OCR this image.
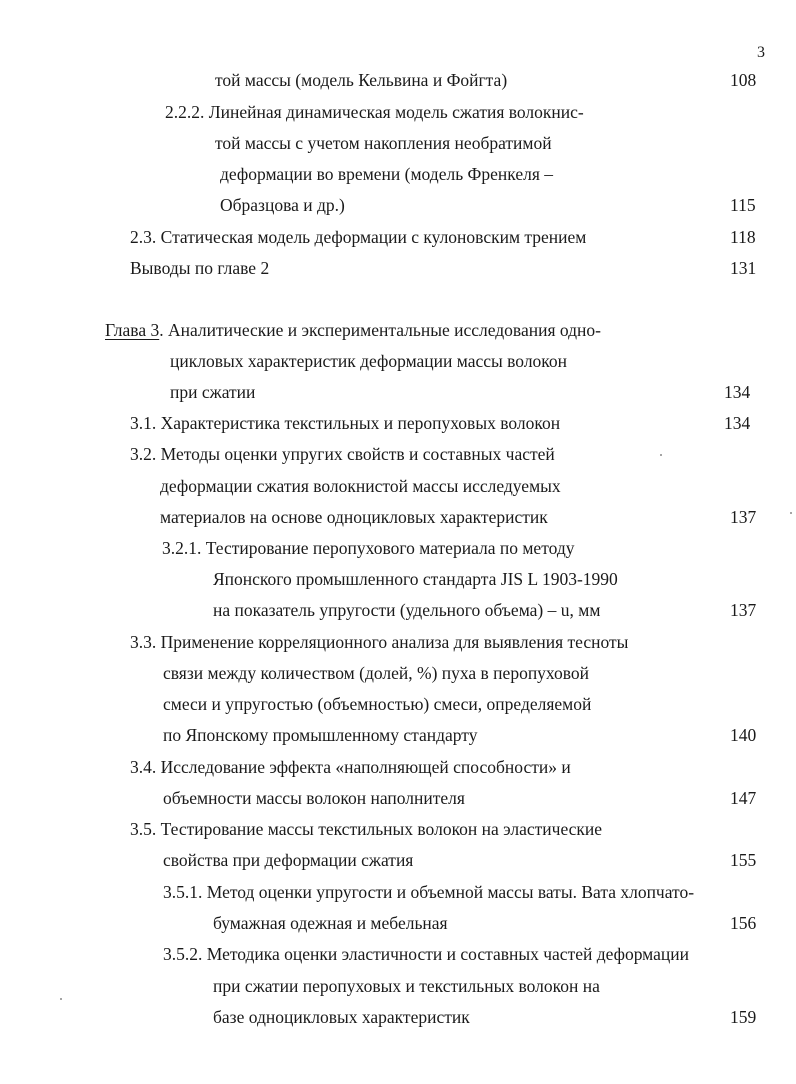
3
той массы (модель Кельвина и Фойгта)	108
2.2.2. Линейная динамическая модель сжатия волокнис-
той массы с учетом накопления необратимой
деформации во времени (модель Френкеля –
Образцова и др.)	115
2.3. Статическая модель деформации с кулоновским трением	118
Выводы по главе 2	131
Глава 3. Аналитические и экспериментальные исследования одно-
цикловых характеристик деформации массы волокон
при сжатии	134
3.1. Характеристика текстильных и перопуховых волокон	134
3.2. Методы оценки упругих свойств и составных частей
деформации сжатия волокнистой массы исследуемых
материалов на основе одноцикловых характеристик	137
3.2.1. Тестирование перопухового материала по методу
Японского промышленного стандарта JIS L 1903-1990
на показатель упругости (удельного объема) – u, мм	137
3.3. Применение корреляционного анализа для выявления тесноты
связи между количеством (долей, %) пуха в перопуховой
смеси и упругостью (объемностью) смеси, определяемой
по Японскому промышленному стандарту	140
3.4. Исследование эффекта «наполняющей способности» и
объемности массы волокон наполнителя	147
3.5. Тестирование массы текстильных волокон на эластические
свойства при деформации сжатия	155
3.5.1. Метод оценки упругости и объемной массы ваты. Вата хлопчато-
бумажная одежная и мебельная	156
3.5.2. Методика оценки эластичности и составных частей деформации
при сжатии перопуховых и текстильных волокон на
базе одноцикловых характеристик	159
